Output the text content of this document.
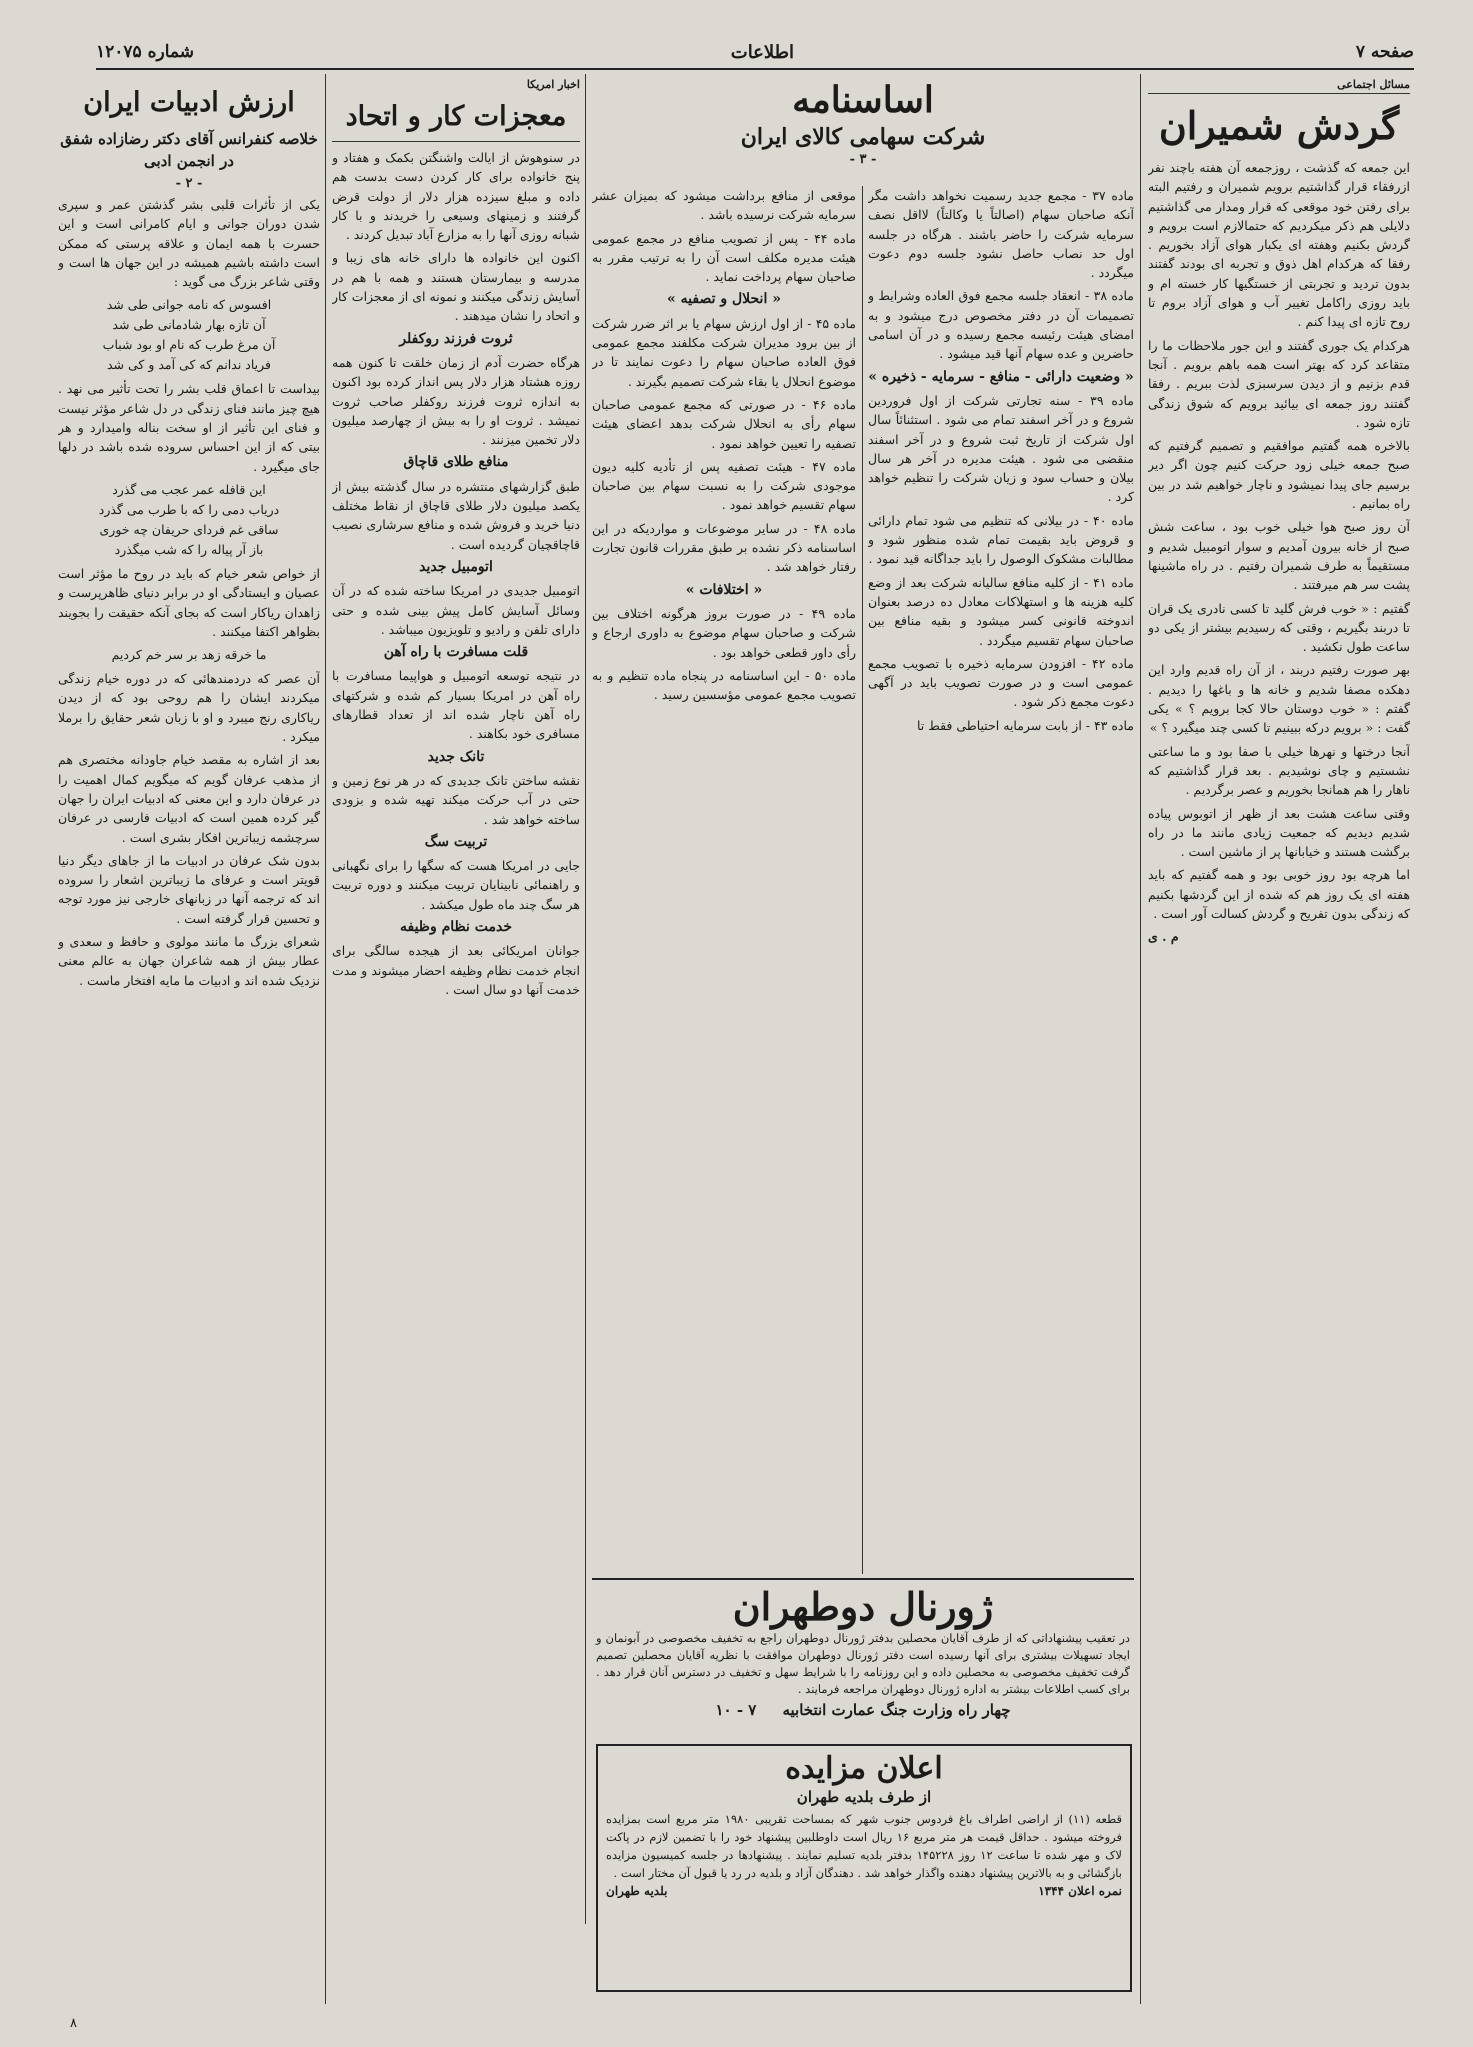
صفحه ۷
اطلاعات
شماره ۱۲۰۷۵
مسائل اجتماعی
گردش شمیران

این جمعه که گذشت ، روزجمعه آن هفته باچند نفر ازرفقاء قرار گذاشتیم برویم شمیران و رفتیم البته برای رفتن خود موقعی که قرار ومدار می گذاشتیم دلایلی هم ذکر میکردیم که حتمالازم است برویم و گردش بکنیم وهفته ای یکبار هوای آزاد بخوریم . رفقا که هرکدام اهل ذوق و تجربه ای بودند گفتند بدون تردید و تجربتی از خستگیها کار خسته ام و باید روزی راکامل تغییر آب و هوای آزاد بروم تا روح تازه ای پیدا کنم .

هرکدام یک جوری گفتند و این جور ملاحظات ما را متقاعد کرد که بهتر است همه باهم برویم . آنجا قدم بزنیم و از دیدن سرسبزی لذت ببریم . رفقا گفتند روز جمعه ای بیائید برویم که شوق زندگی تازه شود .

بالاخره همه گفتیم موافقیم و تصمیم گرفتیم که صبح جمعه خیلی زود حرکت کنیم چون اگر دیر برسیم جای پیدا نمیشود و ناچار خواهیم شد در بین راه بمانیم .

آن روز صبح هوا خیلی خوب بود ، ساعت شش صبح از خانه بیرون آمدیم و سوار اتومبیل شدیم و مستقیماً به طرف شمیران رفتیم . در راه ماشینها پشت سر هم میرفتند .

گفتیم : « خوب فرش گلید تا کسی نادری یک قران تا دربند بگیریم ، وقتی که رسیدیم بیشتر از یکی دو ساعت طول نکشید .

بهر صورت رفتیم دربند ، از آن راه قدیم وارد این دهکده مصفا شدیم و خانه ها و باغها را دیدیم . گفتم : « خوب دوستان حالا کجا برویم ؟ » یکی گفت : « برویم درکه ببینیم تا کسی چند میگیرد ؟ »

آنجا درختها و نهرها خیلی با صفا بود و ما ساعتی نشستیم و چای نوشیدیم . بعد قرار گذاشتیم که ناهار را هم همانجا بخوریم و عصر برگردیم .

وقتی ساعت هشت بعد از ظهر از اتوبوس پیاده شدیم دیدیم که جمعیت زیادی مانند ما در راه برگشت هستند و خیابانها پر از ماشین است .

اما هرچه بود روز خوبی بود و همه گفتیم که باید هفته ای یک روز هم که شده از این گردشها بکنیم که زندگی بدون تفریح و گردش کسالت آور است .

م . ی

اساسنامه
شرکت سهامی کالای ایران
- ۳ -

ماده ۳۷ - مجمع جدید رسمیت نخواهد داشت مگر آنکه صاحبان سهام (اصالتاً یا وکالتاً) لااقل نصف سرمایه شرکت را حاضر باشند . هرگاه در جلسه اول حد نصاب حاصل نشود جلسه دوم دعوت میگردد .

ماده ۳۸ - انعقاد جلسه مجمع فوق العاده وشرایط و تصمیمات آن در دفتر مخصوص درج میشود و به امضای هیئت رئیسه مجمع رسیده و در آن اسامی حاضرین و عده سهام آنها قید میشود .

« وضعیت دارائی - منافع - سرمایه - ذخیره »

ماده ۳۹ - سنه تجارتی شرکت از اول فروردین شروع و در آخر اسفند تمام می شود . استثنائاً سال اول شرکت از تاریخ ثبت شروع و در آخر اسفند منقضی می شود . هیئت مدیره در آخر هر سال بیلان و حساب سود و زیان شرکت را تنظیم خواهد کرد .

ماده ۴۰ - در بیلانی که تنظیم می شود تمام دارائی و قروض باید بقیمت تمام شده منظور شود و مطالبات مشکوک الوصول را باید جداگانه قید نمود .

ماده ۴۱ - از کلیه منافع سالیانه شرکت بعد از وضع کلیه هزینه ها و استهلاکات معادل ده درصد بعنوان اندوخته قانونی کسر میشود و بقیه منافع بین صاحبان سهام تقسیم میگردد .

ماده ۴۲ - افزودن سرمایه ذخیره با تصویب مجمع عمومی است و در صورت تصویب باید در آگهی دعوت مجمع ذکر شود .

ماده ۴۳ - از بابت سرمایه احتیاطی فقط تا

موقعی از منافع برداشت میشود که بمیزان عشر سرمایه شرکت نرسیده باشد .

ماده ۴۴ - پس از تصویب منافع در مجمع عمومی هیئت مدیره مکلف است آن را به ترتیب مقرر به صاحبان سهام پرداخت نماید .

« انحلال و تصفیه »

ماده ۴۵ - از اول ارزش سهام یا بر اثر ضرر شرکت از بین برود مدیران شرکت مکلفند مجمع عمومی فوق العاده صاحبان سهام را دعوت نمایند تا در موضوع انحلال یا بقاء شرکت تصمیم بگیرند .

ماده ۴۶ - در صورتی که مجمع عمومی صاحبان سهام رأی به انحلال شرکت بدهد اعضای هیئت تصفیه را تعیین خواهد نمود .

ماده ۴۷ - هیئت تصفیه پس از تأدیه کلیه دیون موجودی شرکت را به نسبت سهام بین صاحبان سهام تقسیم خواهد نمود .

ماده ۴۸ - در سایر موضوعات و مواردیکه در این اساسنامه ذکر نشده بر طبق مقررات قانون تجارت رفتار خواهد شد .

« اختلافات »

ماده ۴۹ - در صورت بروز هرگونه اختلاف بین شرکت و صاحبان سهام موضوع به داوری ارجاع و رأی داور قطعی خواهد بود .

ماده ۵۰ - این اساسنامه در پنجاه ماده تنظیم و به تصویب مجمع عمومی مؤسسین رسید .

ژورنال دوطهران
در تعقیب پیشنهاداتی که از طرف آقایان محصلین بدفتر ژورنال دوطهران راجع به تخفیف مخصوصی در آبونمان و ایجاد تسهیلات بیشتری برای آنها رسیده است دفتر ژورنال دوطهران موافقت با نظریه آقایان محصلین تصمیم گرفت تخفیف مخصوصی به محصلین داده و این روزنامه را با شرایط سهل و تخفیف در دسترس آنان قرار دهد . برای کسب اطلاعات بیشتر به اداره ژورنال دوطهران مراجعه فرمایند .
چهار راه وزارت جنگ عمارت انتخابیه     ۷ - ۱۰
اعلان مزایده
از طرف بلدیه طهران
قطعه (۱۱) از اراضی اطراف باغ فردوس جنوب شهر که بمساحت تقریبی ۱۹۸۰ متر مربع است بمزایده فروخته میشود . حداقل قیمت هر متر مربع ۱۶ ریال است داوطلبین پیشنهاد خود را با تضمین لازم در پاکت لاک و مهر شده تا ساعت ۱۲ روز ۱۴۵۲۲۸ بدفتر بلدیه تسلیم نمایند . پیشنهادها در جلسه کمیسیون مزایده بازگشائی و به بالاترین پیشنهاد دهنده واگذار خواهد شد . دهندگان آزاد و بلدیه در رد یا قبول آن مختار است .
نمره اعلان ۱۳۴۴
بلدیه طهران
اخبار امریکا
معجزات کار و اتحاد

در سنوهوش از ایالت واشنگتن بکمک و هفتاد و پنج خانواده برای کار کردن دست بدست هم داده و مبلغ سیزده هزار دلار از دولت قرض گرفتند و زمینهای وسیعی را خریدند و با کار شبانه روزی آنها را به مزارع آباد تبدیل کردند .

اکنون این خانواده ها دارای خانه های زیبا و مدرسه و بیمارستان هستند و همه با هم در آسایش زندگی میکنند و نمونه ای از معجزات کار و اتحاد را نشان میدهند .

ثروت فرزند روکفلر

هرگاه حضرت آدم از زمان خلقت تا کنون همه روزه هشتاد هزار دلار پس انداز کرده بود اکنون به اندازه ثروت فرزند روکفلر صاحب ثروت نمیشد . ثروت او را به بیش از چهارصد میلیون دلار تخمین میزنند .

منافع طلای قاچاق

طبق گزارشهای منتشره در سال گذشته بیش از یکصد میلیون دلار طلای قاچاق از نقاط مختلف دنیا خرید و فروش شده و منافع سرشاری نصیب قاچاقچیان گردیده است .

اتومبیل جدید

اتومبیل جدیدی در امریکا ساخته شده که در آن وسائل آسایش کامل پیش بینی شده و حتی دارای تلفن و رادیو و تلویزیون میباشد .

قلت مسافرت با راه آهن

در نتیجه توسعه اتومبیل و هواپیما مسافرت با راه آهن در امریکا بسیار کم شده و شرکتهای راه آهن ناچار شده اند از تعداد قطارهای مسافری خود بکاهند .

تانک جدید

نقشه ساختن تانک جدیدی که در هر نوع زمین و حتی در آب حرکت میکند تهیه شده و بزودی ساخته خواهد شد .

تربیت سگ

جایی در امریکا هست که سگها را برای نگهبانی و راهنمائی نابینایان تربیت میکنند و دوره تربیت هر سگ چند ماه طول میکشد .

خدمت نظام وظیفه

جوانان امریکائی بعد از هیجده سالگی برای انجام خدمت نظام وظیفه احضار میشوند و مدت خدمت آنها دو سال است .

ارزش ادبیات ایران
خلاصه کنفرانس آقای دکتر رضازاده شفق در انجمن ادبی
- ۲ -

یکی از تأثرات قلبی بشر گذشتن عمر و سپری شدن دوران جوانی و ایام کامرانی است و این حسرت با همه ایمان و علاقه پرستی که ممکن است داشته باشیم همیشه در این جهان ها است و وقتی شاعر بزرگ می گوید :

افسوس که نامه جوانی طی شد
آن تازه بهار شادمانی طی شد
آن مرغ طرب که نام او بود شباب
فریاد ندانم که کی آمد و کی شد

بیداست تا اعماق قلب بشر را تحت تأثیر می نهد . هیچ چیز مانند فنای زندگی در دل شاعر مؤثر نیست و فنای این تأثیر از او سخت بناله وامیدارد و هر بیتی که از این احساس سروده شده باشد در دلها جای میگیرد .

این قافله عمر عجب می گذرد
دریاب دمی را که با طرب می گذرد
ساقی غم فردای حریفان چه خوری
باز آر پیاله را که شب میگذرد

از خواص شعر خیام که باید در روح ما مؤثر است عصیان و ایستادگی او در برابر دنیای ظاهرپرست و زاهدان ریاکار است که بجای آنکه حقیقت را بجویند بظواهر اکتفا میکنند .

ما خرقه زهد بر سر خم کردیم

آن عصر که دردمندهائی که در دوره خیام زندگی میکردند ایشان را هم روحی بود که از دیدن ریاکاری رنج میبرد و او با زبان شعر حقایق را برملا میکرد .

بعد از اشاره به مقصد خیام جاودانه مختصری هم از مذهب عرفان گویم که میگویم کمال اهمیت را در عرفان دارد و این معنی که ادبیات ایران را جهان گیر کرده همین است که ادبیات فارسی در عرفان سرچشمه زیباترین افکار بشری است .

بدون شک عرفان در ادبیات ما از جاهای دیگر دنیا قویتر است و عرفای ما زیباترین اشعار را سروده اند که ترجمه آنها در زبانهای خارجی نیز مورد توجه و تحسین قرار گرفته است .

شعرای بزرگ ما مانند مولوی و حافظ و سعدی و عطار بیش از همه شاعران جهان به عالم معنی نزدیک شده اند و ادبیات ما مایه افتخار ماست .

۸
